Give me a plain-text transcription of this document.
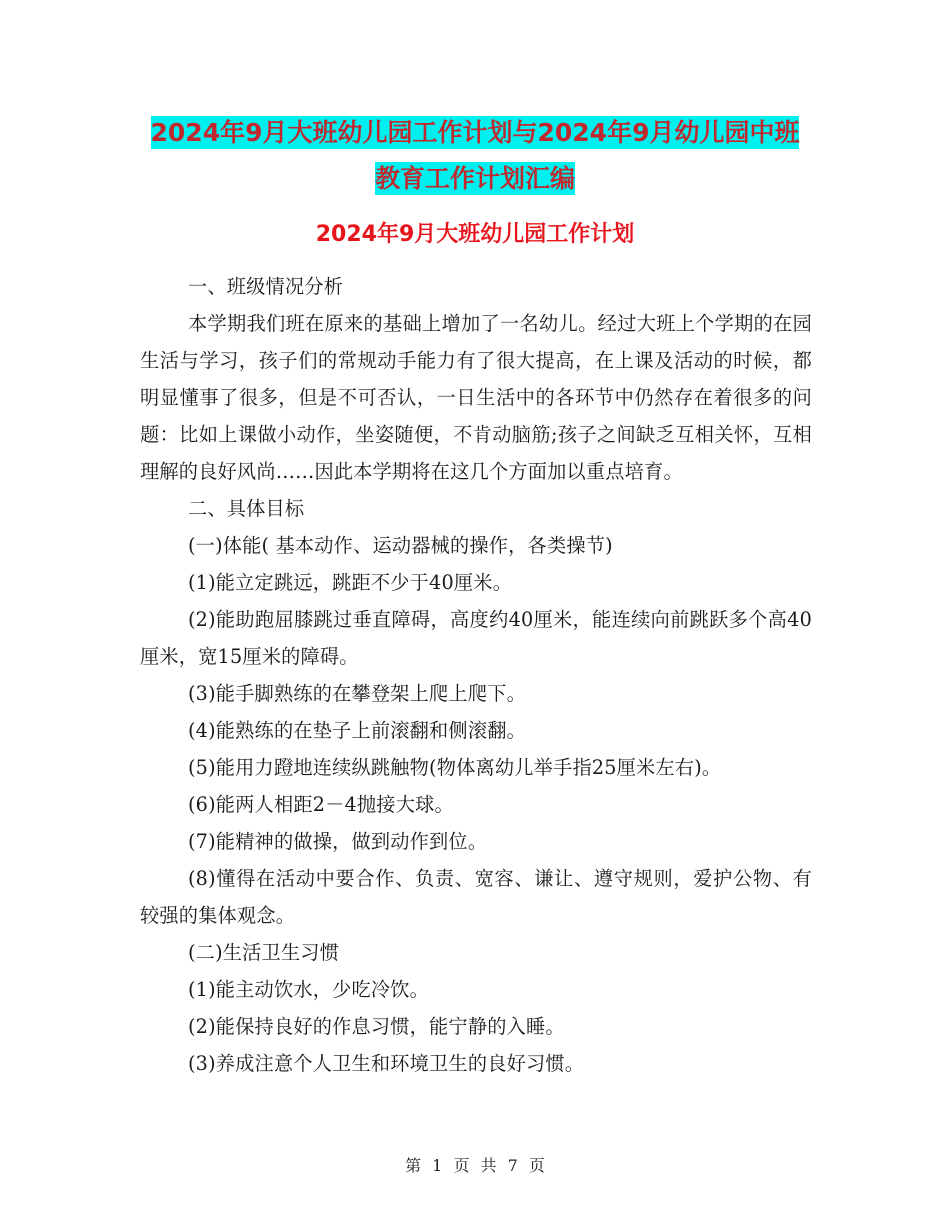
2024年9月大班幼儿园工作计划与2024年9月幼儿园中班教育工作计划汇编
2024年9月大班幼儿园工作计划

一、班级情况分析

本学期我们班在原来的基础上增加了一名幼儿。经过大班上个学期的在园生活与学习，孩子们的常规动手能力有了很大提高，在上课及活动的时候，都明显懂事了很多，但是不可否认，一日生活中的各环节中仍然存在着很多的问题：比如上课做小动作，坐姿随便，不肯动脑筋;孩子之间缺乏互相关怀，互相理解的良好风尚……因此本学期将在这几个方面加以重点培育。

二、具体目标

(一)体能( 基本动作、运动器械的操作，各类操节)

(1)能立定跳远，跳距不少于40厘米。

(2)能助跑屈膝跳过垂直障碍，高度约40厘米，能连续向前跳跃多个高40厘米，宽15厘米的障碍。

(3)能手脚熟练的在攀登架上爬上爬下。

(4)能熟练的在垫子上前滚翻和侧滚翻。

(5)能用力蹬地连续纵跳触物(物体离幼儿举手指25厘米左右)。

(6)能两人相距2－4抛接大球。

(7)能精神的做操，做到动作到位。

(8)懂得在活动中要合作、负责、宽容、谦让、遵守规则，爱护公物、有较强的集体观念。

(二)生活卫生习惯

(1)能主动饮水，少吃冷饮。

(2)能保持良好的作息习惯，能宁静的入睡。

(3)养成注意个人卫生和环境卫生的良好习惯。

第 1 页 共 7 页
